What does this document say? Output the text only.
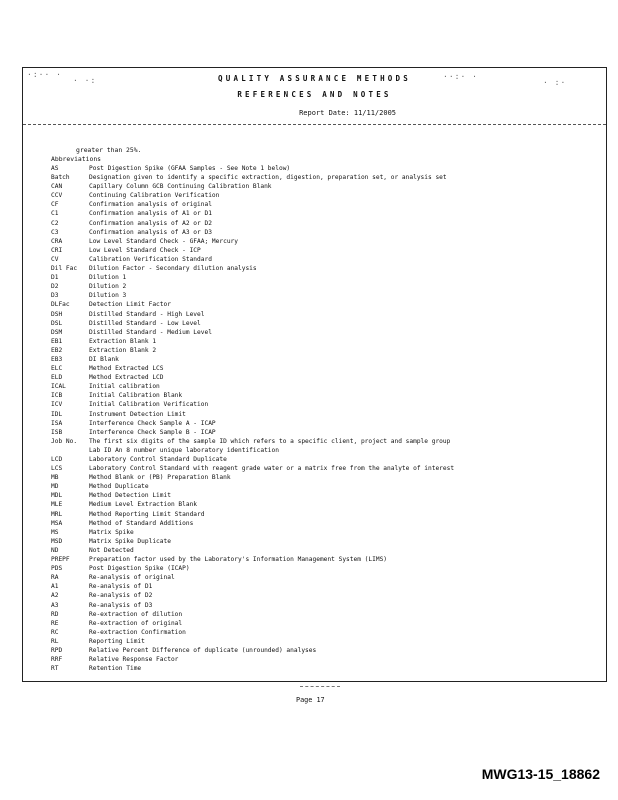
·:·· ·
· ·:	··:· ·
· :·
QUALITY ASSURANCE METHODS
REFERENCES AND NOTES
Report Date: 11/11/2005
greater than 25%.
Abbreviations
AS	Post Digestion Spike (GFAA Samples - See Note 1 below)
Batch	Designation given to identify a specific extraction, digestion, preparation set, or analysis set
CAN	Capillary Column GCB Continuing Calibration Blank
CCV	Continuing Calibration Verification
CF	Confirmation analysis of original
C1	Confirmation analysis of A1 or D1
C2	Confirmation analysis of A2 or D2
C3	Confirmation analysis of A3 or D3
CRA	Low Level Standard Check - GFAA; Mercury
CRI	Low Level Standard Check - ICP
CV	Calibration Verification Standard
Dil Fac	Dilution Factor - Secondary dilution analysis
D1	Dilution 1
D2	Dilution 2
D3	Dilution 3
DLFac	Detection Limit Factor
DSH	Distilled Standard - High Level
DSL	Distilled Standard - Low Level
DSM	Distilled Standard - Medium Level
EB1	Extraction Blank 1
EB2	Extraction Blank 2
EB3	DI Blank
ELC	Method Extracted LCS
ELD	Method Extracted LCD
ICAL	Initial calibration
ICB	Initial Calibration Blank
ICV	Initial Calibration Verification
IDL	Instrument Detection Limit
ISA	Interference Check Sample A - ICAP
ISB	Interference Check Sample B - ICAP
Job No.	The first six digits of the sample ID which refers to a specific client, project and sample group
Lab ID An 8 number unique laboratory identification
LCD	Laboratory Control Standard Duplicate
LCS	Laboratory Control Standard with reagent grade water or a matrix free from the analyte of interest
MB	Method Blank or (PB) Preparation Blank
MD	Method Duplicate
MDL	Method Detection Limit
MLE	Medium Level Extraction Blank
MRL	Method Reporting Limit Standard
MSA	Method of Standard Additions
MS	Matrix Spike
MSD	Matrix Spike Duplicate
ND	Not Detected
PREPF	Preparation factor used by the Laboratory's Information Management System (LIMS)
PDS	Post Digestion Spike (ICAP)
RA	Re-analysis of original
A1	Re-analysis of D1
A2	Re-analysis of D2
A3	Re-analysis of D3
RD	Re-extraction of dilution
RE	Re-extraction of original
RC	Re-extraction Confirmation
RL	Reporting Limit
RPD	Relative Percent Difference of duplicate (unrounded) analyses
RRF	Relative Response Factor
RT	Retention Time
Page 17
MWG13-15_18862
